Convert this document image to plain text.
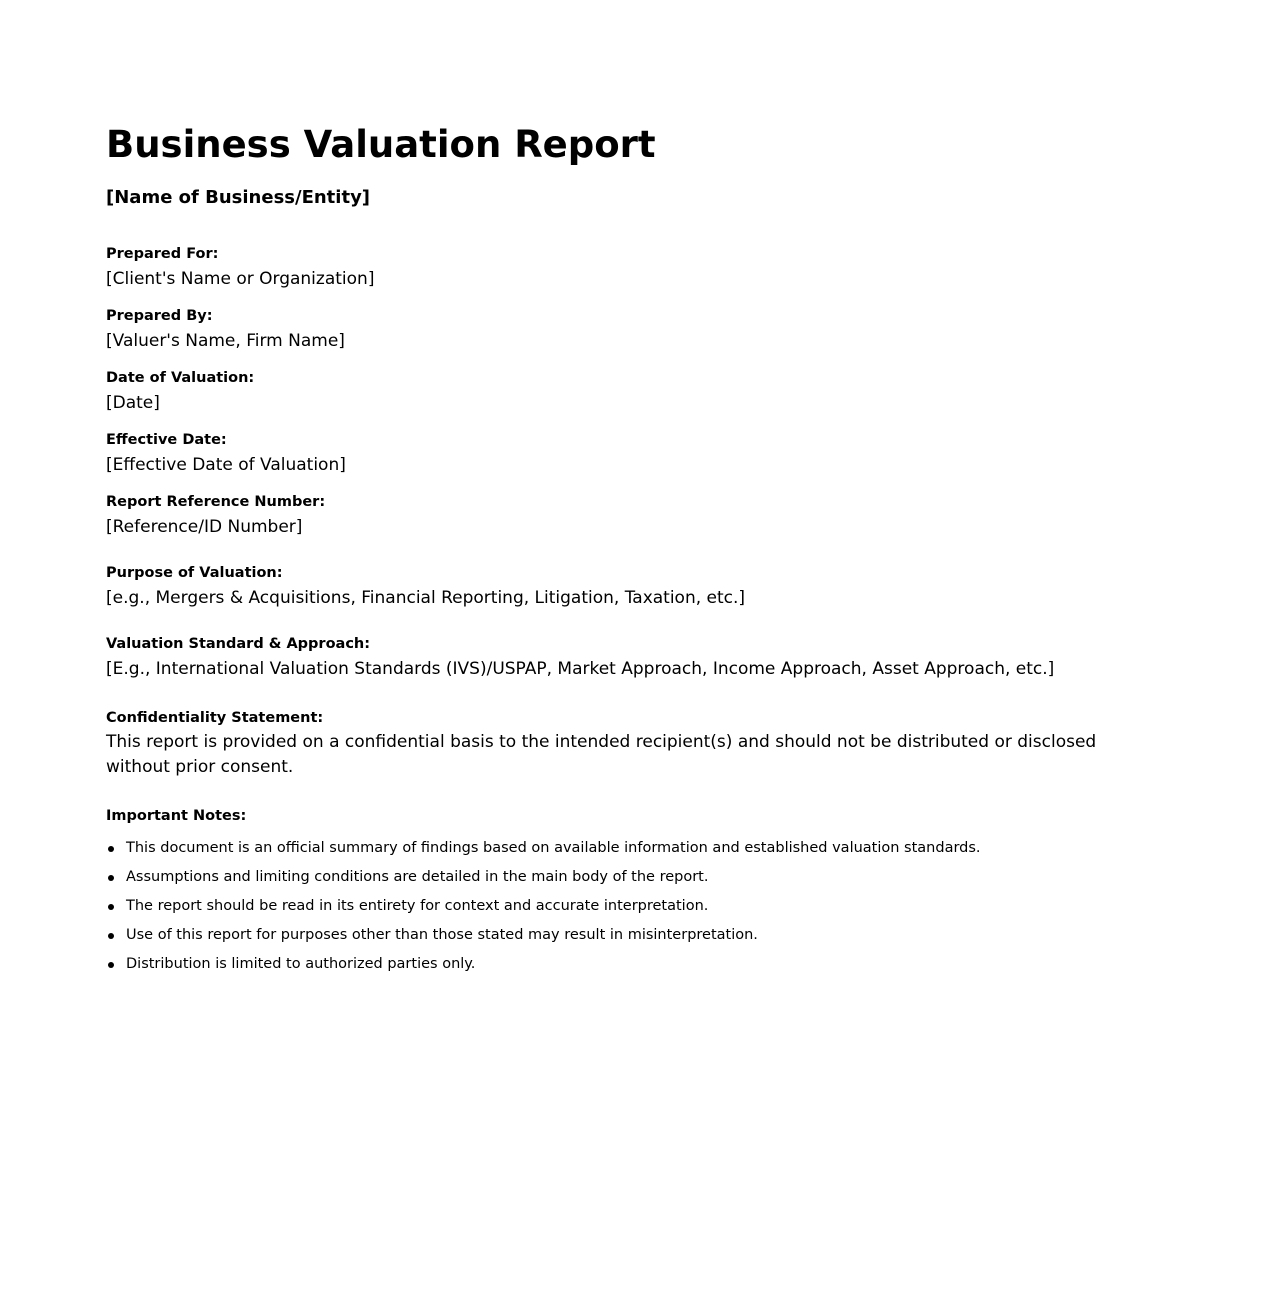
Business Valuation Report
[Name of Business/Entity]
Prepared For:
[Client's Name or Organization]
Prepared By:
[Valuer's Name, Firm Name]
Date of Valuation:
[Date]
Effective Date:
[Effective Date of Valuation]
Report Reference Number:
[Reference/ID Number]
Purpose of Valuation:
[e.g., Mergers & Acquisitions, Financial Reporting, Litigation, Taxation, etc.]
Valuation Standard & Approach:
[E.g., International Valuation Standards (IVS)/USPAP, Market Approach, Income Approach, Asset Approach, etc.]
Confidentiality Statement:
This report is provided on a confidential basis to the intended recipient(s) and should not be distributed or disclosed without prior consent.
Important Notes:
This document is an official summary of findings based on available information and established valuation standards.
Assumptions and limiting conditions are detailed in the main body of the report.
The report should be read in its entirety for context and accurate interpretation.
Use of this report for purposes other than those stated may result in misinterpretation.
Distribution is limited to authorized parties only.
